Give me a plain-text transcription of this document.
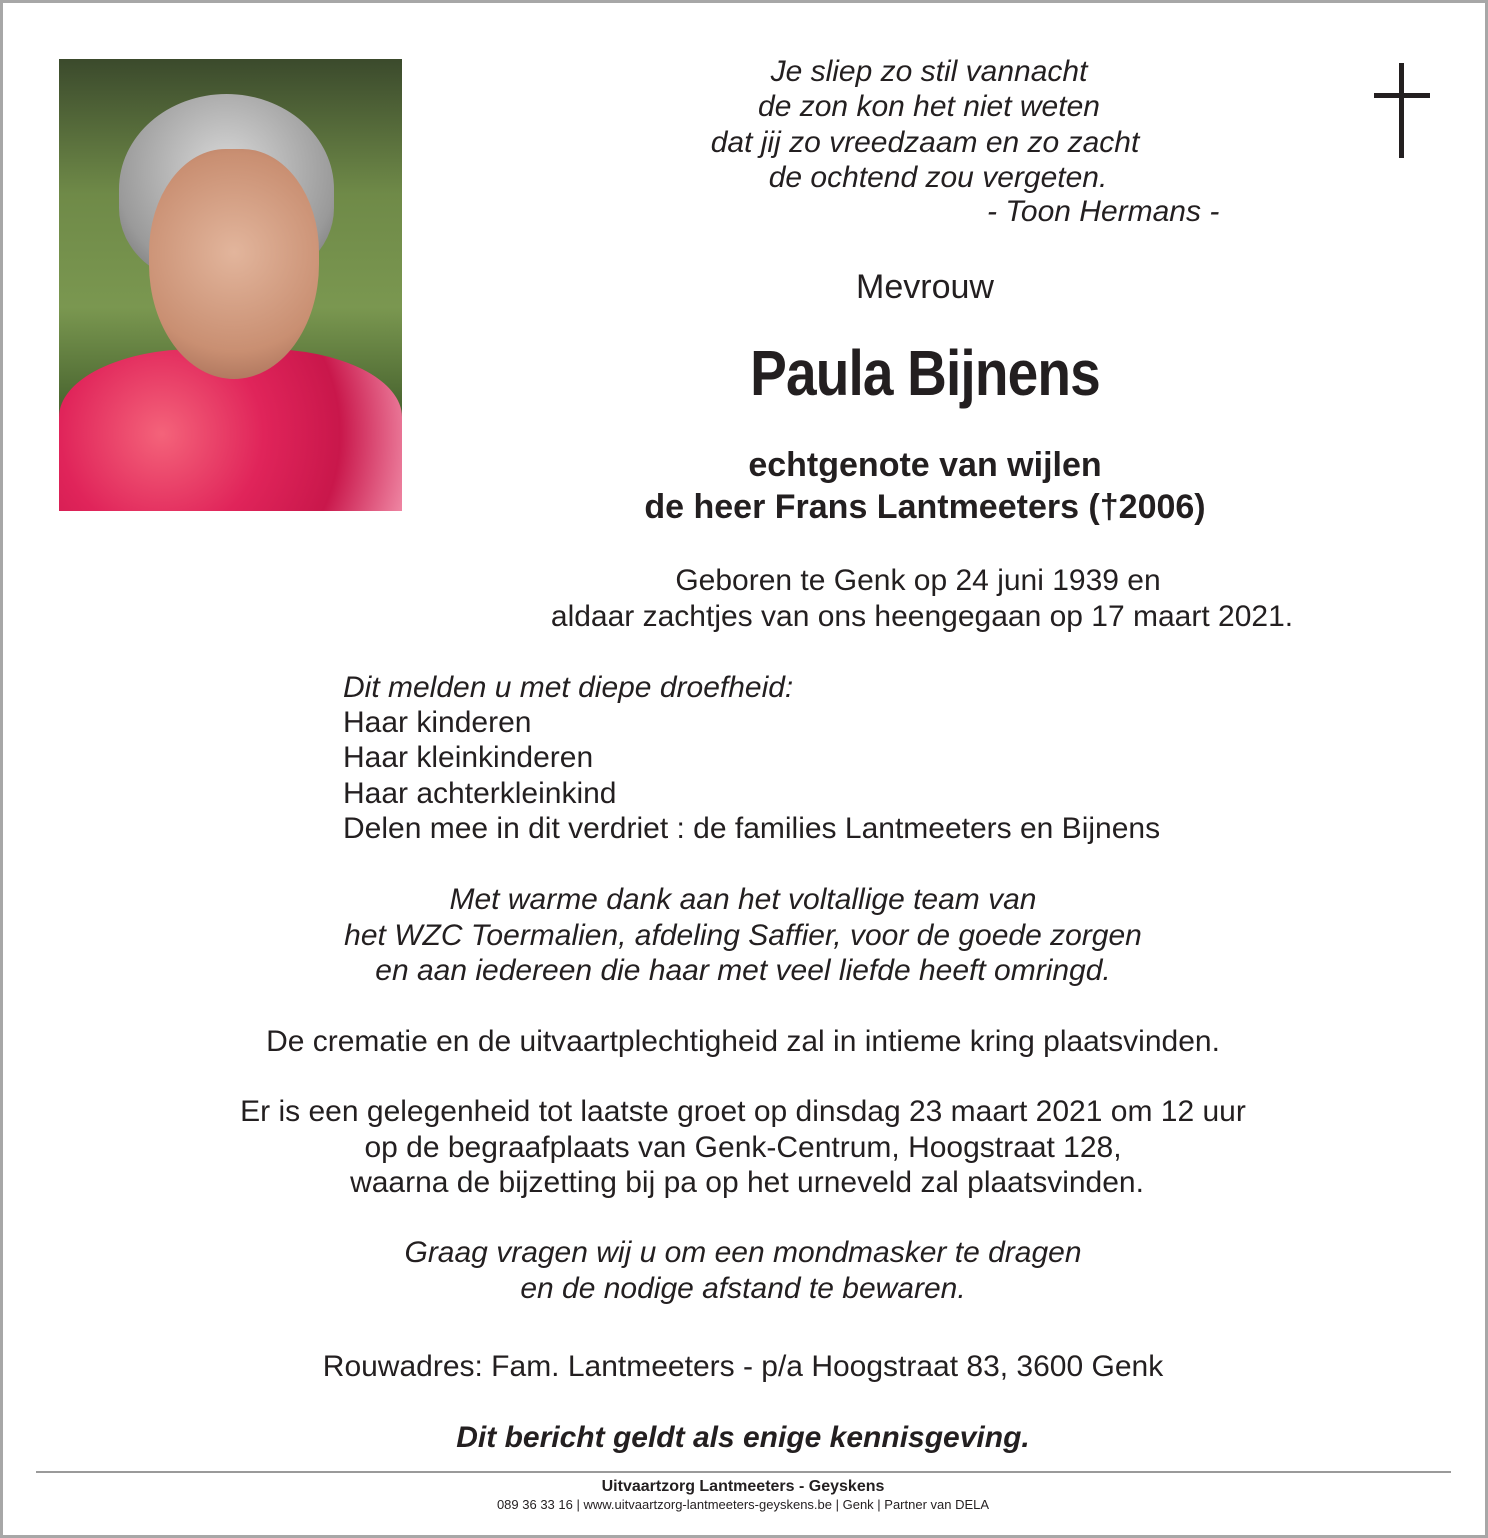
Je sliep zo stil vannacht
de zon kon het niet weten
dat jij zo vreedzaam en zo zacht
de ochtend zou vergeten.
- Toon Hermans -
Mevrouw
Paula Bijnens
echtgenote van wijlen
de heer Frans Lantmeeters (†2006)
Geboren te Genk op 24 juni 1939 en
aldaar zachtjes van ons heengegaan op 17 maart 2021.
Dit melden u met diepe droefheid:
Haar kinderen
Haar kleinkinderen
Haar achterkleinkind
Delen mee in dit verdriet : de families Lantmeeters en Bijnens
Met warme dank aan het voltallige team van
het WZC Toermalien, afdeling Saffier, voor de goede zorgen
en aan iedereen die haar met veel liefde heeft omringd.
De crematie en de uitvaartplechtigheid zal in intieme kring plaatsvinden.
Er is een gelegenheid tot laatste groet op dinsdag 23 maart 2021 om 12 uur
op de begraafplaats van Genk-Centrum, Hoogstraat 128,
waarna de bijzetting bij pa op het urneveld zal plaatsvinden.
Graag vragen wij u om een mondmasker te dragen
en de nodige afstand te bewaren.
Rouwadres: Fam. Lantmeeters - p/a Hoogstraat 83, 3600 Genk
Dit bericht geldt als enige kennisgeving.
Uitvaartzorg Lantmeeters - Geyskens
089 36 33 16 | www.uitvaartzorg-lantmeeters-geyskens.be | Genk | Partner van DELA
